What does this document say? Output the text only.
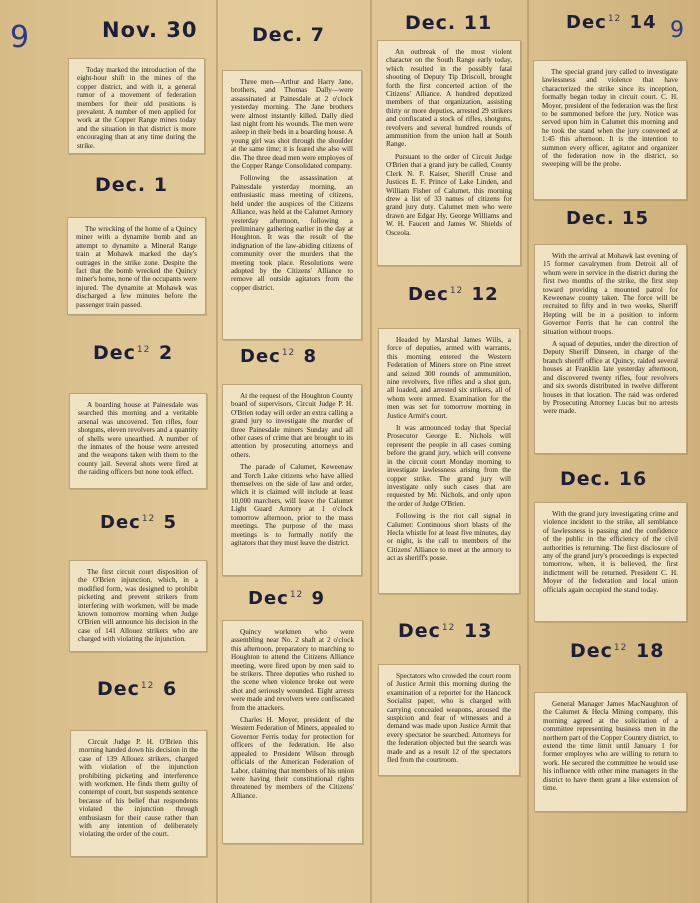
9	9
Nov. 30

Today marked the introduction of the eight-hour shift in the mines of the copper district, and with it, a general rumor of a movement of federation members for their old positions is prevalent. A number of men applied for work at the Copper Range mines today and the situation in that district is more encouraging than at any time during the strike.

Dec. 1

The wrecking of the home of a Quincy miner with a dynamite bomb and an attempt to dynamite a Mineral Range train at Mohawk marked the day's outrages in the strike zone. Despite the fact that the bomb wrecked the Quincy miner's home, none of the occupants were injured. The dynamite at Mohawk was discharged a few minutes before the passenger train passed.

Dec$^{12}$ 2

A boarding house at Painesdale was searched this morning and a veritable arsenal was uncovered. Ten rifles, four shotguns, eleven revolvers and a quantity of shells were unearthed. A number of the inmates of the house were arrested and the weapons taken with them to the county jail. Several shots were fired at the raiding officers but none took effect.

Dec$^{12}$ 5

The first circuit court disposition of the O'Brien injunction, which, in a modified form, was designed to prohibit picketing and prevent strikers from interfering with workmen, will be made known tomorrow morning when Judge O'Brien will announce his decision in the case of 141 Allouez strikers who are charged with violating the injunction.

Dec$^{12}$ 6

Circuit Judge P. H. O'Brien this morning handed down his decision in the case of 139 Allouez strikers, charged with violation of the injunction prohibiting picketing and interference with workmen. He finds them guilty of contempt of court, but suspends sentence because of his belief that respondents violated the injunction through enthusiasm for their cause rather than with any intention of deliberately violating the order of the court.

Dec. 7

Three men—Arthur and Harry Jane, brothers, and Thomas Dally—were assassinated at Painesdale at 2 o'clock yesterday morning. The Jane brothers were almost instantly killed. Dally died last night from his wounds. The men were asleep in their beds in a boarding house. A young girl was shot through the shoulder at the same time; it is feared she also will die. The three dead men were employes of the Copper Range Consolidated company.

Following the assassination at Painesdale yesterday morning, an enthusiastic mass meeting of citizens, held under the auspices of the Citizens Alliance, was held at the Calumet Armory yesterday afternoon, following a preliminary gathering earlier in the day at Houghton. It was the result of the indignation of the law-abiding citizens of community over the murders that the meeting took place. Resolutions were adopted by the Citizens' Alliance to remove all outside agitators from the copper district.

Dec$^{12}$ 8

At the request of the Houghton County board of supervisors, Circuit Judge P. H. O'Brien today will order an extra calling a grand jury to investigate the murder of three Painesdale miners Sunday and all other cases of crime that are brought to its attention by prosecuting attorneys and others.

The parade of Calumet, Keweenaw and Torch Lake citizens who have allied themselves on the side of law and order, which it is claimed will include at least 10,000 marchers, will leave the Calumet Light Guard Armory at 1 o'clock tomorrow afternoon, prior to the mass meetings. The purpose of the mass meetings is to formally notify the agitators that they must leave the district.

Dec$^{12}$ 9

Quincy workmen who were assembling near No. 2 shaft at 2 o'clock this afternoon, preparatory to marching to Houghton to attend the Citizens Alliance meeting, were fired upon by men said to be strikers. Three deputies who rushed to the scene when violence broke out were shot and seriously wounded. Eight arrests were made and revolvers were confiscated from the attackers.

Charles H. Moyer, president of the Western Federation of Miners, appealed to Governor Ferris today for protection for officers of the federation. He also appealed to President Wilson through officials of the American Federation of Labor, claiming that members of his union were having their constitutional rights threatened by members of the Citizens' Alliance.

Dec. 11

An outbreak of the most violent character on the South Range early today, which resulted in the possibly fatal shooting of Deputy Tip Driscoll, brought forth the first concerted action of the Citizens' Alliance. A hundred deputized members of that organization, assisting thirty or more deputies, arrested 29 strikers and confiscated a stock of rifles, shotguns, revolvers and several hundred rounds of ammunition from the union hall at South Range.

Pursuant to the order of Circuit Judge O'Brien that a grand jury be called, County Clerk N. F. Kaiser, Sheriff Cruse and Justices E. F. Prince of Lake Linden, and William Fisher of Calumet, this morning drew a list of 33 names of citizens for grand jury duty. Calumet men who were drawn are Edgar Hy, George Williams and W. H. Faucett and James W. Shields of Osceola.

Dec$^{12}$ 12

Headed by Marshal James Wills, a force of deputies, armed with warrants, this morning entered the Western Federation of Miners store on Pine street and seized 300 rounds of ammunition, nine revolvers, five rifles and a shot gun, all loaded, and arrested six strikers, all of whom were armed. Examination for the men was set for tomorrow morning in Justice Armit's court.

It was announced today that Special Prosecutor George E. Nichols will represent the people in all cases coming before the grand jury, which will convene in the circuit court Monday morning to investigate lawlessness arising from the copper strike. The grand jury will investigate only such cases that are requested by Mr. Nichols, and only upon the order of Judge O'Brien.

Following is the riot call signal in Calumet: Continuous short blasts of the Hecla whistle for at least five minutes, day or night, is the call to members of the Citizens' Alliance to meet at the armory to act as sheriff's posse.

Dec$^{12}$ 13

Spectators who crowded the court room of Justice Armit this morning during the examination of a reporter for the Hancock Socialist paper, who is charged with carrying concealed weapons, aroused the suspicion and fear of witnesses and a demand was made upon Justice Armit that every spectator be searched. Attorneys for the federation objected but the search was made and as a result 12 of the spectators fled from the courtroom.

Dec$^{12}$ 14

The special grand jury called to investigate lawlessness and violence that have characterized the strike since its inception, formally began today in circuit court. C. H. Moyer, president of the federation was the first to be summoned before the jury. Notice was served upon him in Calumet this morning and he took the stand when the jury convened at 1:45 this afternoon. It is the intention to summon every officer, agitator and organizer of the federation now in the district, so sweeping will be the probe.

Dec. 15

With the arrival at Mohawk last evening of 15 former cavalrymen from Detroit all of whom were in service in the district during the first two months of the strike, the first step toward providing a mounted patrol for Keweenaw county taken. The force will be recruited to fifty and in two weeks, Sheriff Hepting will be in a position to inform Governor Ferris that he can control the situation without troops.

A squad of deputies, under the direction of Deputy Sheriff Dinseen, in charge of the branch sheriff office at Quincy, raided several houses at Franklin late yesterday afternoon, and discovered twenty rifles, four revolvers and six swords distributed in twelve different houses in that location. The raid was ordered by Prosecuting Attorney Lucas but no arrests were made.

Dec. 16

With the grand jury investigating crime and violence incident to the strike, all semblance of lawlessness is passing and the confidence of the public in the efficiency of the civil authorities is returning. The first disclosure of any of the grand jury's proceedings is expected tomorrow, when, it is believed, the first indictment will be returned. President C. H. Moyer of the federation and local union officials again occupied the stand today.

Dec$^{12}$ 18

General Manager James MacNaughton of the Calumet & Hecla Mining company, this morning agreed at the solicitation of a committee representing business men in the northern part of the Copper Country district, to extend the time limit until January 1 for former employes who are willing to return to work. He secured the committee he would use his influence with other mine managers in the district to have them grant a like extension of time.
